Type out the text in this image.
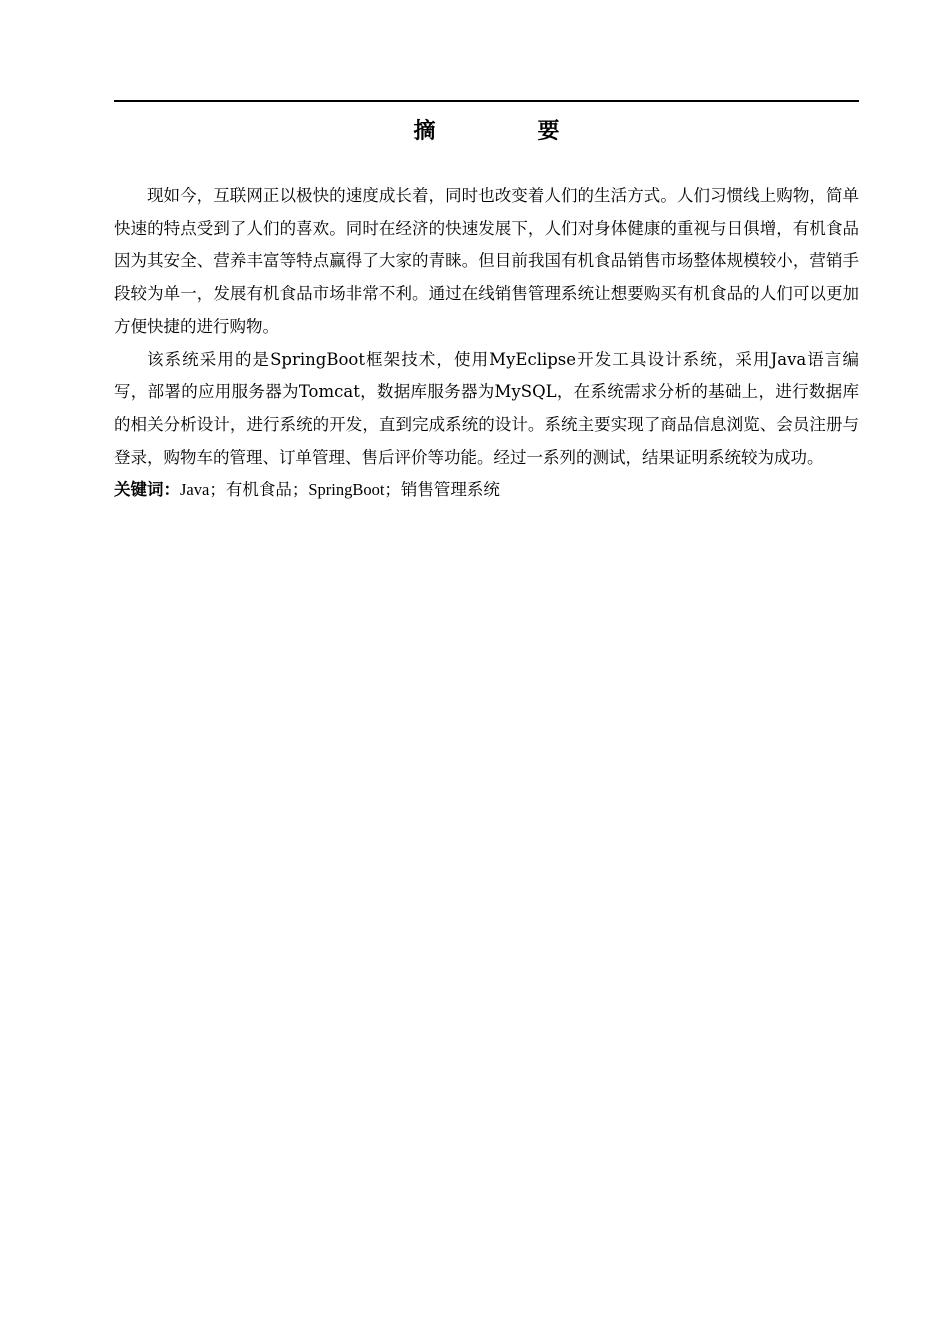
摘　要

现如今，互联网正以极快的速度成长着，同时也改变着人们的生活方式。人们习惯线上购物，简单快速的特点受到了人们的喜欢。同时在经济的快速发展下，人们对身体健康的重视与日俱增，有机食品因为其安全、营养丰富等特点赢得了大家的青睐。但目前我国有机食品销售市场整体规模较小，营销手段较为单一，发展有机食品市场非常不利。通过在线销售管理系统让想要购买有机食品的人们可以更加方便快捷的进行购物。

该系统采用的是SpringBoot框架技术，使用MyEclipse开发工具设计系统，采用Java语言编写，部署的应用服务器为Tomcat，数据库服务器为MySQL，在系统需求分析的基础上，进行数据库的相关分析设计，进行系统的开发，直到完成系统的设计。系统主要实现了商品信息浏览、会员注册与登录，购物车的管理、订单管理、售后评价等功能。经过一系列的测试，结果证明系统较为成功。

关键词：Java；有机食品；SpringBoot；销售管理系统
